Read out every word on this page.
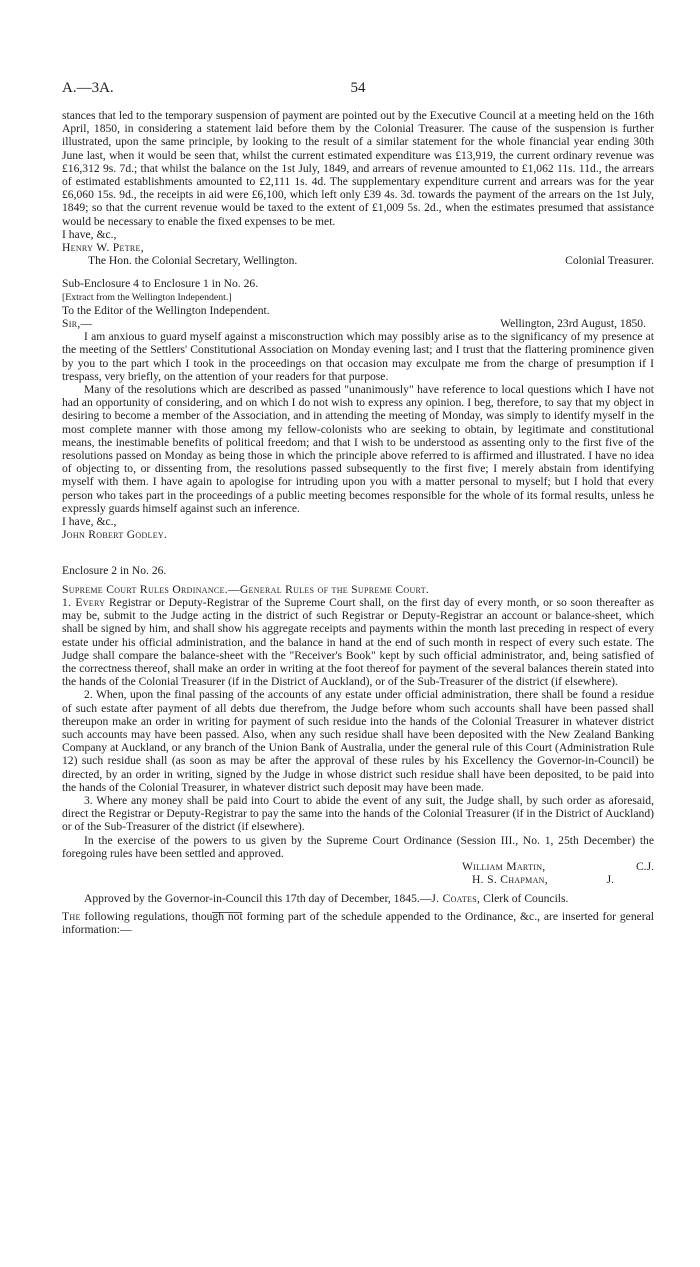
A.—3A.	54

stances that led to the temporary suspension of payment are pointed out by the Executive Council at a meeting held on the 16th April, 1850, in considering a statement laid before them by the Colonial Treasurer. The cause of the suspension is further illustrated, upon the same principle, by looking to the result of a similar statement for the whole financial year ending 30th June last, when it would be seen that, whilst the current estimated expenditure was £13,919, the current ordinary revenue was £16,312 9s. 7d.; that whilst the balance on the 1st July, 1849, and arrears of revenue amounted to £1,062 11s. 11d., the arrears of estimated establishments amounted to £2,111 1s. 4d. The supplementary expenditure current and arrears was for the year £6,060 15s. 9d., the receipts in aid were £6,100, which left only £39 4s. 3d. towards the payment of the arrears on the 1st July, 1849; so that the current revenue would be taxed to the extent of £1,009 5s. 2d., when the estimates presumed that assistance would be necessary to enable the fixed expenses to be met.

I have, &c.,

Henry W. Petre,

The Hon. the Colonial Secretary, Wellington.	Colonial Treasurer.

Sub-Enclosure 4 to Enclosure 1 in No. 26.

[Extract from the Wellington Independent.]

To the Editor of the Wellington Independent.

Sir,—	Wellington, 23rd August, 1850.

I am anxious to guard myself against a misconstruction which may possibly arise as to the significancy of my presence at the meeting of the Settlers' Constitutional Association on Monday evening last; and I trust that the flattering prominence given by you to the part which I took in the proceedings on that occasion may exculpate me from the charge of presumption if I trespass, very briefly, on the attention of your readers for that purpose.

Many of the resolutions which are described as passed "unanimously" have reference to local questions which I have not had an opportunity of considering, and on which I do not wish to express any opinion. I beg, therefore, to say that my object in desiring to become a member of the Association, and in attending the meeting of Monday, was simply to identify myself in the most complete manner with those among my fellow-colonists who are seeking to obtain, by legitimate and constitutional means, the inestimable benefits of political freedom; and that I wish to be understood as assenting only to the first five of the resolutions passed on Monday as being those in which the principle above referred to is affirmed and illustrated. I have no idea of objecting to, or dissenting from, the resolutions passed subsequently to the first five; I merely abstain from identifying myself with them. I have again to apologise for intruding upon you with a matter personal to myself; but I hold that every person who takes part in the proceedings of a public meeting becomes responsible for the whole of its formal results, unless he expressly guards himself against such an inference.

I have, &c.,

John Robert Godley.

Enclosure 2 in No. 26.

Supreme Court Rules Ordinance.—General Rules of the Supreme Court.

1. Every Registrar or Deputy-Registrar of the Supreme Court shall, on the first day of every month, or so soon thereafter as may be, submit to the Judge acting in the district of such Registrar or Deputy-Registrar an account or balance-sheet, which shall be signed by him, and shall show his aggregate receipts and payments within the month last preceding in respect of every estate under his official administration, and the balance in hand at the end of such month in respect of every such estate. The Judge shall compare the balance-sheet with the "Receiver's Book" kept by such official administrator, and, being satisfied of the correctness thereof, shall make an order in writing at the foot thereof for payment of the several balances therein stated into the hands of the Colonial Treasurer (if in the District of Auckland), or of the Sub-Treasurer of the district (if elsewhere).

2. When, upon the final passing of the accounts of any estate under official administration, there shall be found a residue of such estate after payment of all debts due therefrom, the Judge before whom such accounts shall have been passed shall thereupon make an order in writing for payment of such residue into the hands of the Colonial Treasurer in whatever district such accounts may have been passed. Also, when any such residue shall have been deposited with the New Zealand Banking Company at Auckland, or any branch of the Union Bank of Australia, under the general rule of this Court (Administration Rule 12) such residue shall (as soon as may be after the approval of these rules by his Excellency the Governor-in-Council) be directed, by an order in writing, signed by the Judge in whose district such residue shall have been deposited, to be paid into the hands of the Colonial Treasurer, in whatever district such deposit may have been made.

3. Where any money shall be paid into Court to abide the event of any suit, the Judge shall, by such order as aforesaid, direct the Registrar or Deputy-Registrar to pay the same into the hands of the Colonial Treasurer (if in the District of Auckland) or of the Sub-Treasurer of the district (if elsewhere).

In the exercise of the powers to us given by the Supreme Court Ordinance (Session III., No. 1, 25th December) the foregoing rules have been settled and approved.

William Martin,	C.J.
H. S. Chapman,	J.

Approved by the Governor-in-Council this 17th day of December, 1845.—J. Coates, Clerk of Councils.

The following regulations, though not forming part of the schedule appended to the Ordinance, &c., are inserted for general information:—
